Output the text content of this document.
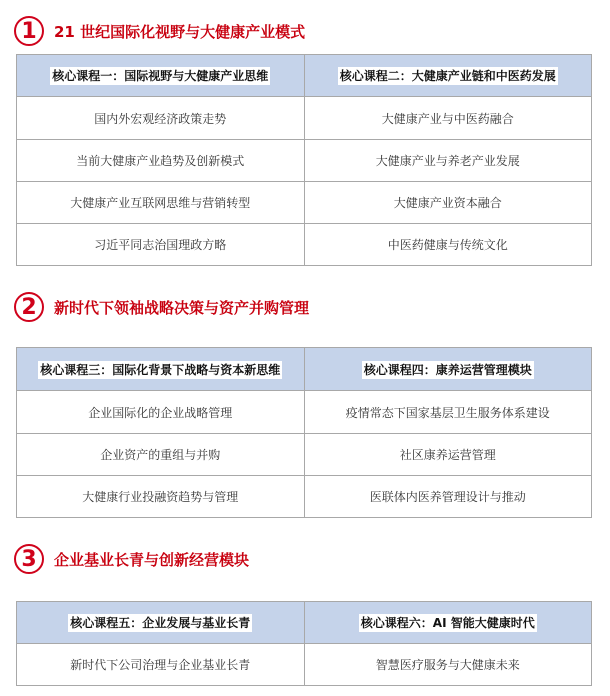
1	21 世纪国际化视野与大健康产业模式
核心课程一：国际视野与大健康产业思维	核心课程二：大健康产业链和中医药发展
国内外宏观经济政策走势	大健康产业与中医药融合
当前大健康产业趋势及创新模式	大健康产业与养老产业发展
大健康产业互联网思维与营销转型	大健康产业资本融合
习近平同志治国理政方略	中医药健康与传统文化
2	新时代下领袖战略决策与资产并购管理
核心课程三：国际化背景下战略与资本新思维	核心课程四：康养运营管理模块
企业国际化的企业战略管理	疫情常态下国家基层卫生服务体系建设
企业资产的重组与并购	社区康养运营管理
大健康行业投融资趋势与管理	医联体内医养管理设计与推动
3	企业基业长青与创新经营模块
核心课程五：企业发展与基业长青	核心课程六：AI 智能大健康时代
新时代下公司治理与企业基业长青	智慧医疗服务与大健康未来
